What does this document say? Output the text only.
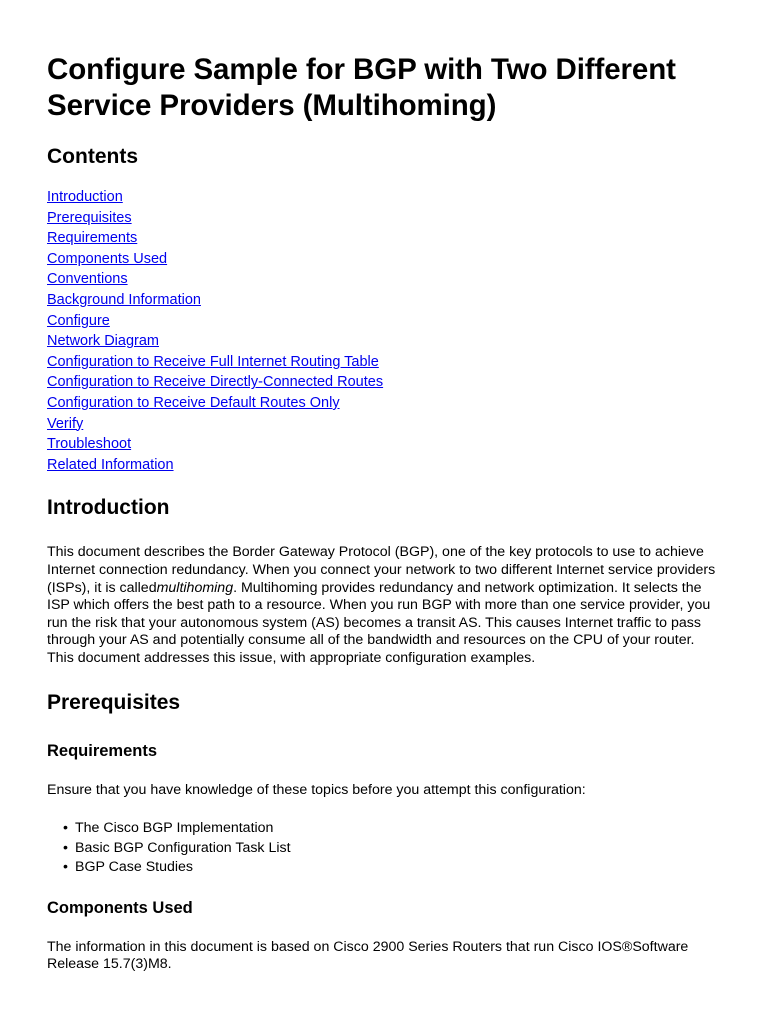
Configure Sample for BGP with Two Different
Service Providers (Multihoming)
Contents
Introduction
Prerequisites
Requirements
Components Used
Conventions
Background Information
Configure
Network Diagram
Configuration to Receive Full Internet Routing Table
Configuration to Receive Directly-Connected Routes
Configuration to Receive Default Routes Only
Verify
Troubleshoot
Related Information
Introduction

This document describes the Border Gateway Protocol (BGP), one of the key protocols to use to achieve Internet connection redundancy. When you connect your network to two different Internet service providers (ISPs), it is calledmultihoming. Multihoming provides redundancy and network optimization. It selects the ISP which offers the best path to a resource. When you run BGP with more than one service provider, you run the risk that your autonomous system (AS) becomes a transit AS. This causes Internet traffic to pass through your AS and potentially consume all of the bandwidth and resources on the CPU of your router. This document addresses this issue, with appropriate configuration examples.

Prerequisites
Requirements

Ensure that you have knowledge of these topics before you attempt this configuration:

• The Cisco BGP Implementation
• Basic BGP Configuration Task List
• BGP Case Studies
Components Used

The information in this document is based on Cisco 2900 Series Routers that run Cisco IOS®Software Release 15.7(3)M8.
